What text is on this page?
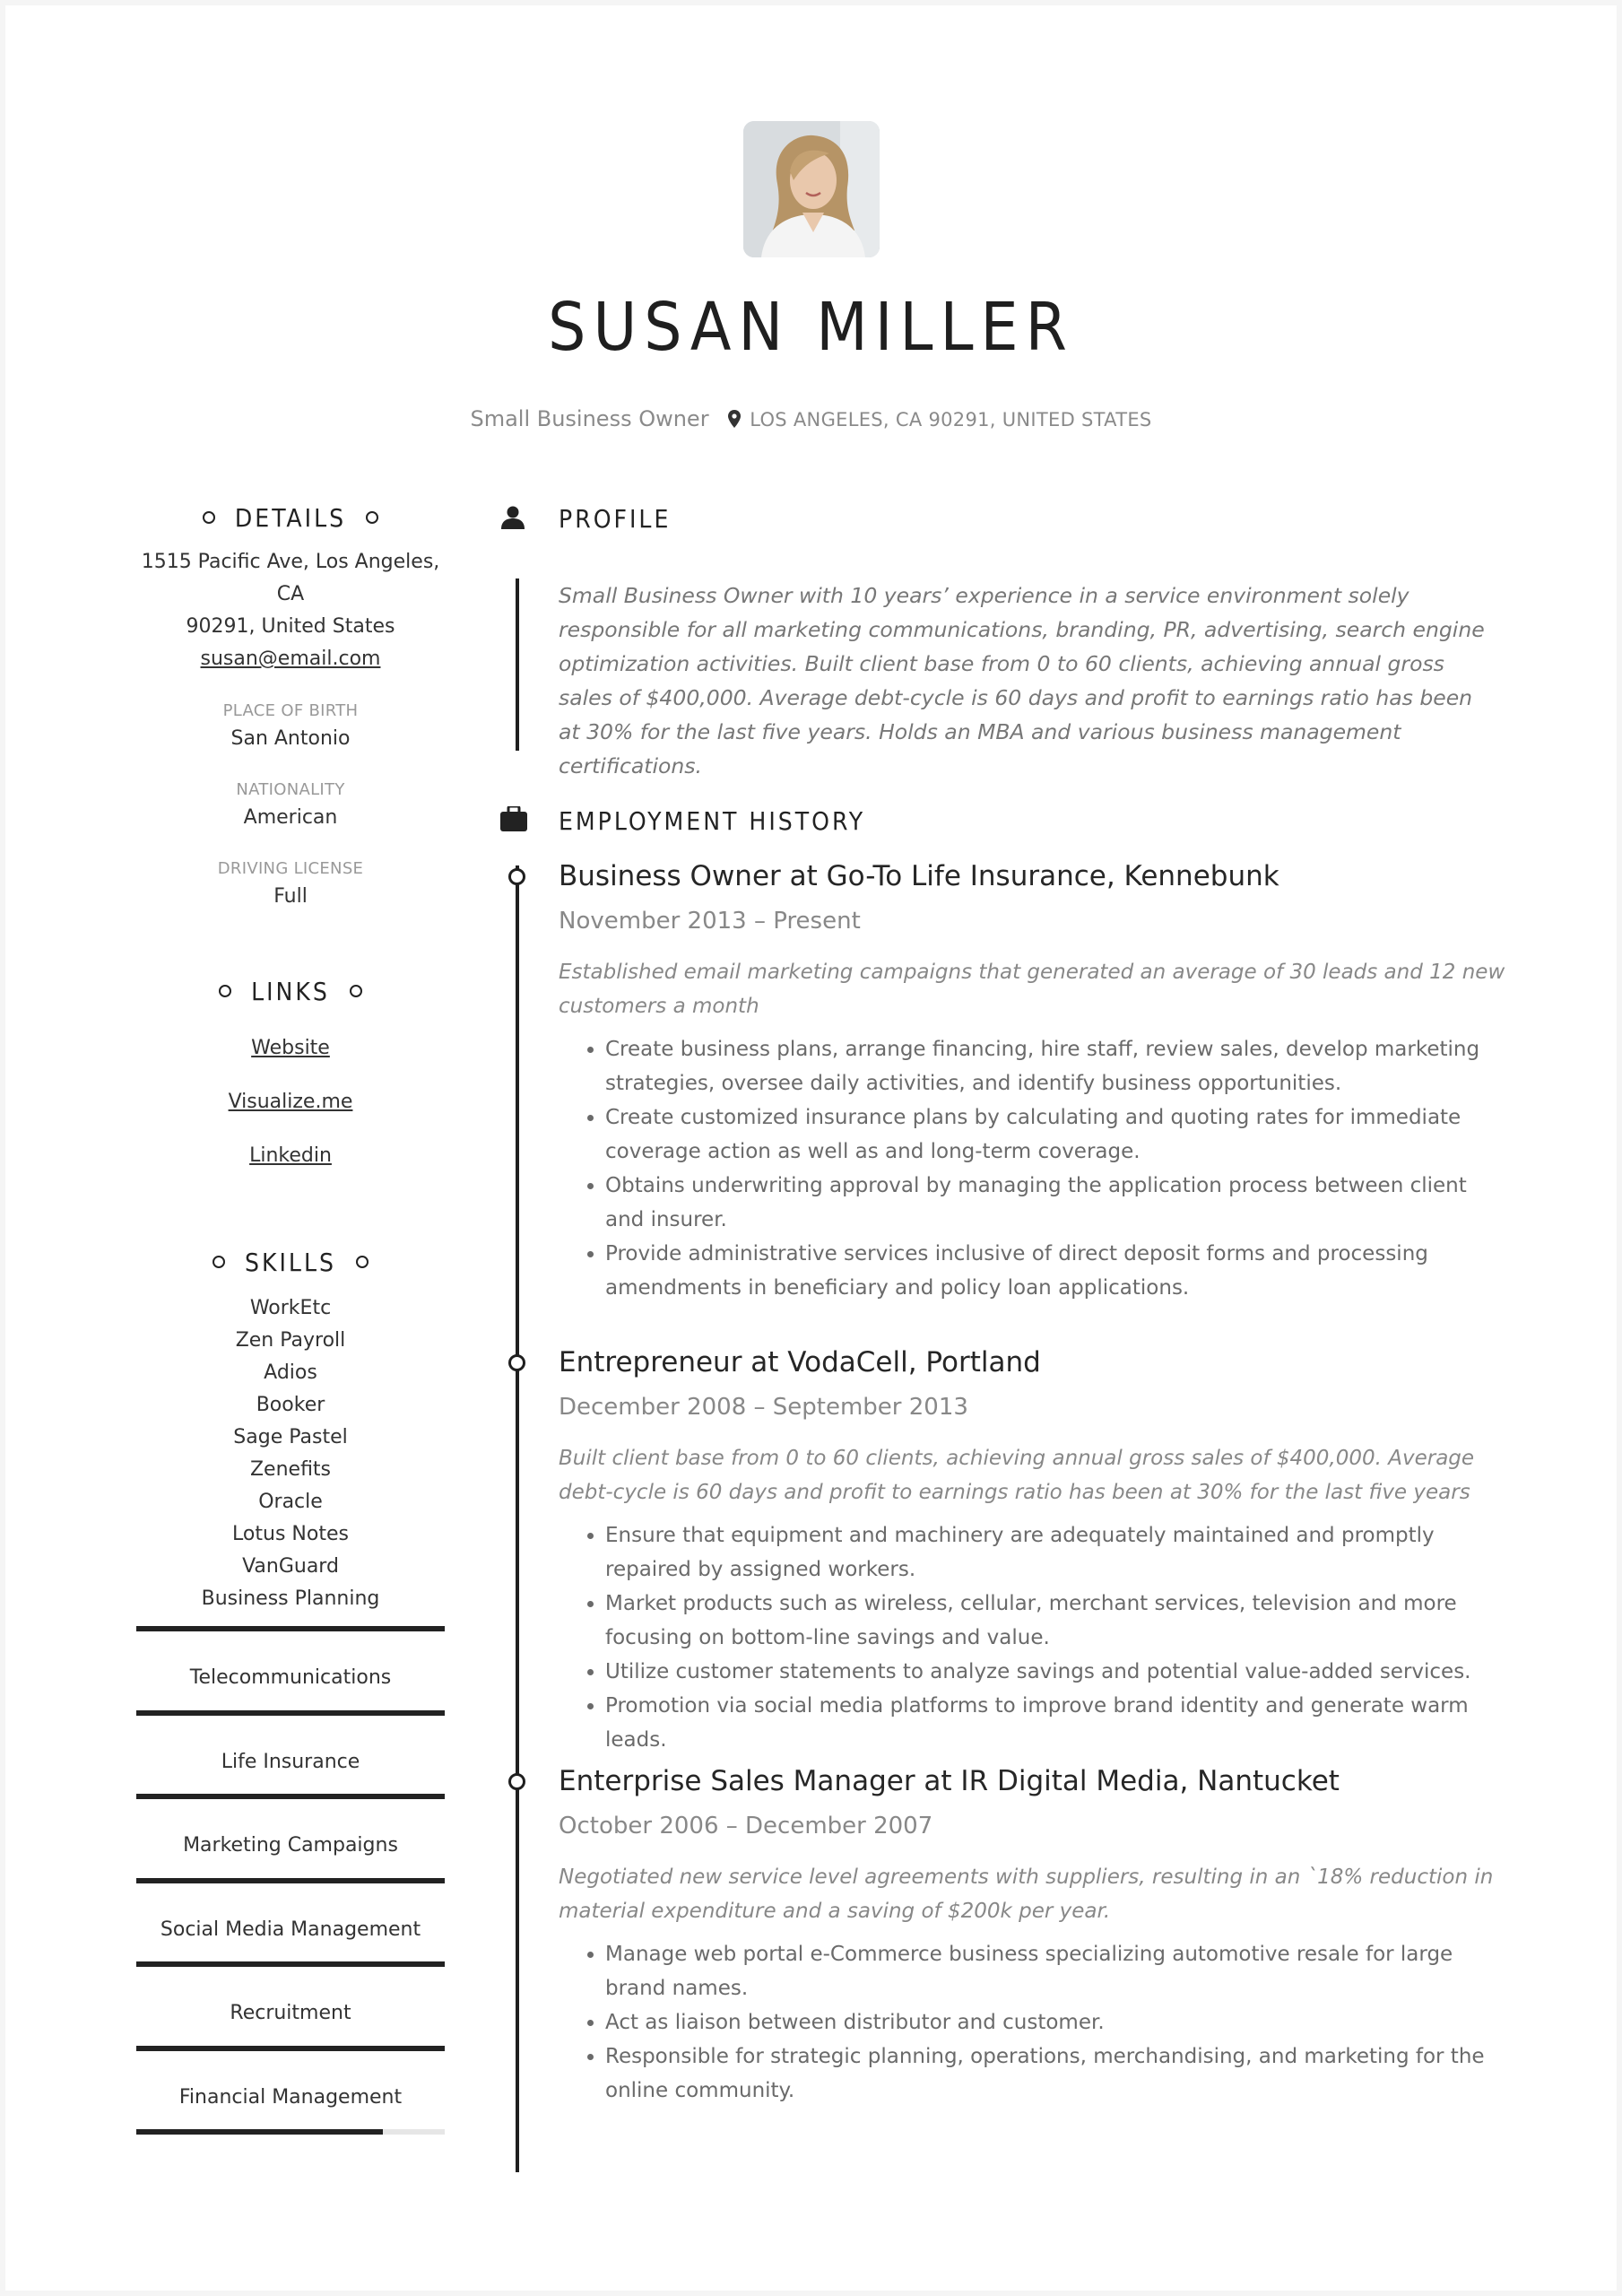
SUSAN MILLER
Small Business Owner LOS ANGELES, CA 90291, UNITED STATES
DETAILS
1515 Pacific Ave, Los Angeles, CA
90291, United States
susan@email.com
PLACE OF BIRTH
San Antonio
NATIONALITY
American
DRIVING LICENSE
Full
LINKS
Website
Visualize.me
Linkedin
SKILLS
WorkEtc
Zen Payroll
Adios
Booker
Sage Pastel
Zenefits
Oracle
Lotus Notes
VanGuard
Business Planning
Telecommunications
Life Insurance
Marketing Campaigns
Social Media Management
Recruitment
Financial Management
PROFILE
Small Business Owner with 10 years’ experience in a service environment solely responsible for all marketing communications, branding, PR, advertising, search engine optimization activities. Built client base from 0 to 60 clients, achieving annual gross sales of $400,000. Average debt-cycle is 60 days and profit to earnings ratio has been at 30% for the last five years. Holds an MBA and various business management certifications.
EMPLOYMENT HISTORY
Business Owner at Go-To Life Insurance, Kennebunk
November 2013 – Present
Established email marketing campaigns that generated an average of 30 leads and 12 new customers a month
• Create business plans, arrange financing, hire staff, review sales, develop marketing strategies, oversee daily activities, and identify business opportunities.
• Create customized insurance plans by calculating and quoting rates for immediate coverage action as well as and long-term coverage.
• Obtains underwriting approval by managing the application process between client and insurer.
• Provide administrative services inclusive of direct deposit forms and processing amendments in beneficiary and policy loan applications.
Entrepreneur at VodaCell, Portland
December 2008 – September 2013
Built client base from 0 to 60 clients, achieving annual gross sales of $400,000. Average debt-cycle is 60 days and profit to earnings ratio has been at 30% for the last five years
• Ensure that equipment and machinery are adequately maintained and promptly repaired by assigned workers.
• Market products such as wireless, cellular, merchant services, television and more focusing on bottom-line savings and value.
• Utilize customer statements to analyze savings and potential value-added services.
• Promotion via social media platforms to improve brand identity and generate warm leads.
Enterprise Sales Manager at IR Digital Media, Nantucket
October 2006 – December 2007
Negotiated new service level agreements with suppliers, resulting in an `18% reduction in material expenditure and a saving of $200k per year.
• Manage web portal e-Commerce business specializing automotive resale for large brand names.
• Act as liaison between distributor and customer.
• Responsible for strategic planning, operations, merchandising, and marketing for the online community.
